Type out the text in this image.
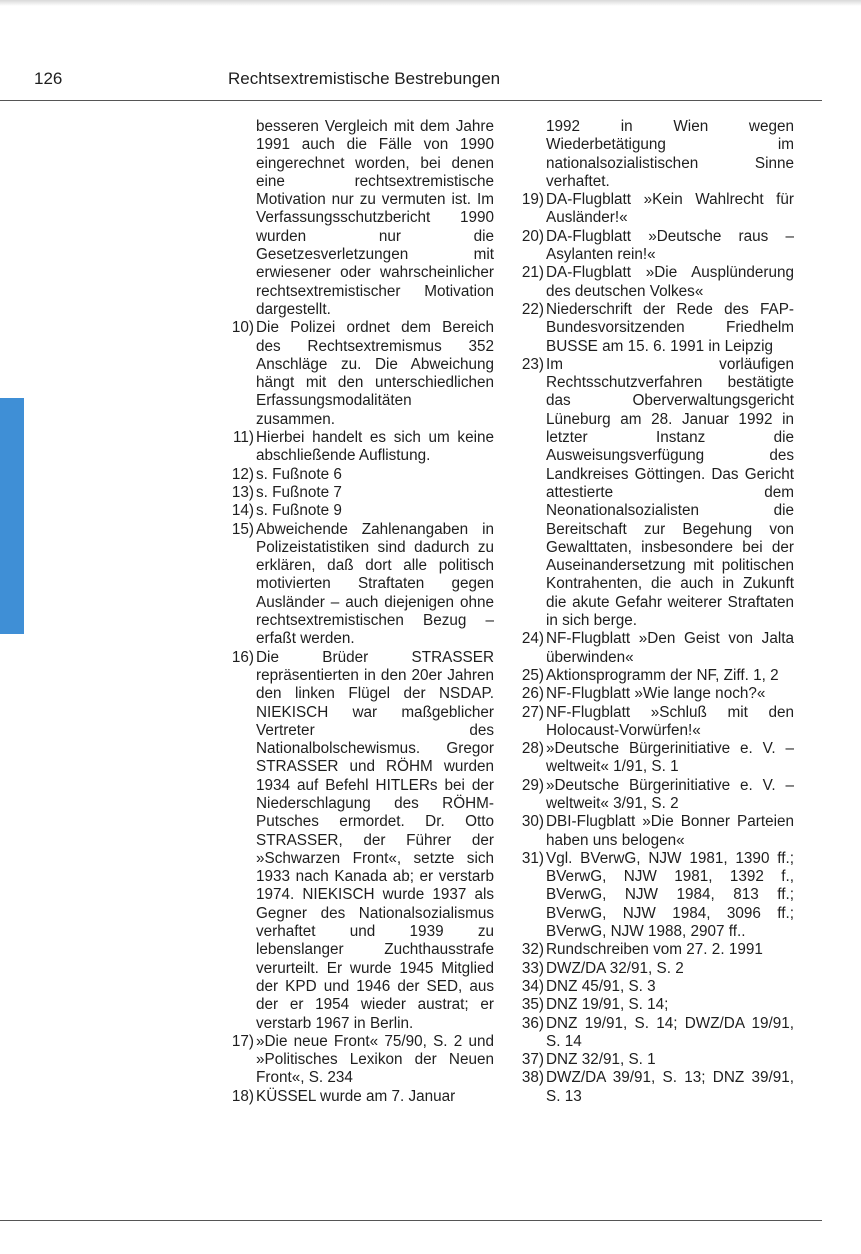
126	Rechtsextremistische Bestrebungen
besseren Vergleich mit dem Jahre 1991 auch die Fälle von 1990 eingerechnet worden, bei denen eine rechtsextremistische Motivation nur zu vermuten ist. Im Verfassungsschutzbericht 1990 wurden nur die Gesetzesverletzungen mit erwiesener oder wahrscheinlicher rechtsextremistischer Motivation dargestellt.
10) Die Polizei ordnet dem Bereich des Rechtsextremismus 352 Anschläge zu. Die Abweichung hängt mit den unterschiedlichen Erfassungsmodalitäten zusammen.
11) Hierbei handelt es sich um keine abschließende Auflistung.
12) s. Fußnote 6
13) s. Fußnote 7
14) s. Fußnote 9
15) Abweichende Zahlenangaben in Polizeistatistiken sind dadurch zu erklären, daß dort alle politisch motivierten Straftaten gegen Ausländer – auch diejenigen ohne rechtsextremistischen Bezug – erfaßt werden.
16) Die Brüder STRASSER repräsentierten in den 20er Jahren den linken Flügel der NSDAP. NIEKISCH war maßgeblicher Vertreter des Nationalbolschewismus. Gregor STRASSER und RÖHM wurden 1934 auf Befehl HITLERs bei der Niederschlagung des RÖHM-Putsches ermordet. Dr. Otto STRASSER, der Führer der »Schwarzen Front«, setzte sich 1933 nach Kanada ab; er verstarb 1974. NIEKISCH wurde 1937 als Gegner des Nationalsozialismus verhaftet und 1939 zu lebenslanger Zuchthausstrafe verurteilt. Er wurde 1945 Mitglied der KPD und 1946 der SED, aus der er 1954 wieder austrat; er verstarb 1967 in Berlin.
17) »Die neue Front« 75/90, S. 2 und »Politisches Lexikon der Neuen Front«, S. 234
18) KÜSSEL wurde am 7. Januar
1992 in Wien wegen Wiederbetätigung im nationalsozialistischen Sinne verhaftet.
19) DA-Flugblatt »Kein Wahlrecht für Ausländer!«
20) DA-Flugblatt »Deutsche raus – Asylanten rein!«
21) DA-Flugblatt »Die Ausplünderung des deutschen Volkes«
22) Niederschrift der Rede des FAP-Bundesvorsitzenden Friedhelm BUSSE am 15. 6. 1991 in Leipzig
23) Im vorläufigen Rechtsschutzverfahren bestätigte das Oberverwaltungsgericht Lüneburg am 28. Januar 1992 in letzter Instanz die Ausweisungsverfügung des Landkreises Göttingen. Das Gericht attestierte dem Neonationalsozialisten die Bereitschaft zur Begehung von Gewalttaten, insbesondere bei der Auseinandersetzung mit politischen Kontrahenten, die auch in Zukunft die akute Gefahr weiterer Straftaten in sich berge.
24) NF-Flugblatt »Den Geist von Jalta überwinden«
25) Aktionsprogramm der NF, Ziff. 1, 2
26) NF-Flugblatt »Wie lange noch?«
27) NF-Flugblatt »Schluß mit den Holocaust-Vorwürfen!«
28) »Deutsche Bürgerinitiative e. V. – weltweit« 1/91, S. 1
29) »Deutsche Bürgerinitiative e. V. – weltweit« 3/91, S. 2
30) DBI-Flugblatt »Die Bonner Parteien haben uns belogen«
31) Vgl. BVerwG, NJW 1981, 1390 ff.; BVerwG, NJW 1981, 1392 f., BVerwG, NJW 1984, 813 ff.; BVerwG, NJW 1984, 3096 ff.; BVerwG, NJW 1988, 2907 ff..
32) Rundschreiben vom 27. 2. 1991
33) DWZ/DA 32/91, S. 2
34) DNZ 45/91, S. 3
35) DNZ 19/91, S. 14;
36) DNZ 19/91, S. 14; DWZ/DA 19/91, S. 14
37) DNZ 32/91, S. 1
38) DWZ/DA 39/91, S. 13; DNZ 39/91, S. 13
